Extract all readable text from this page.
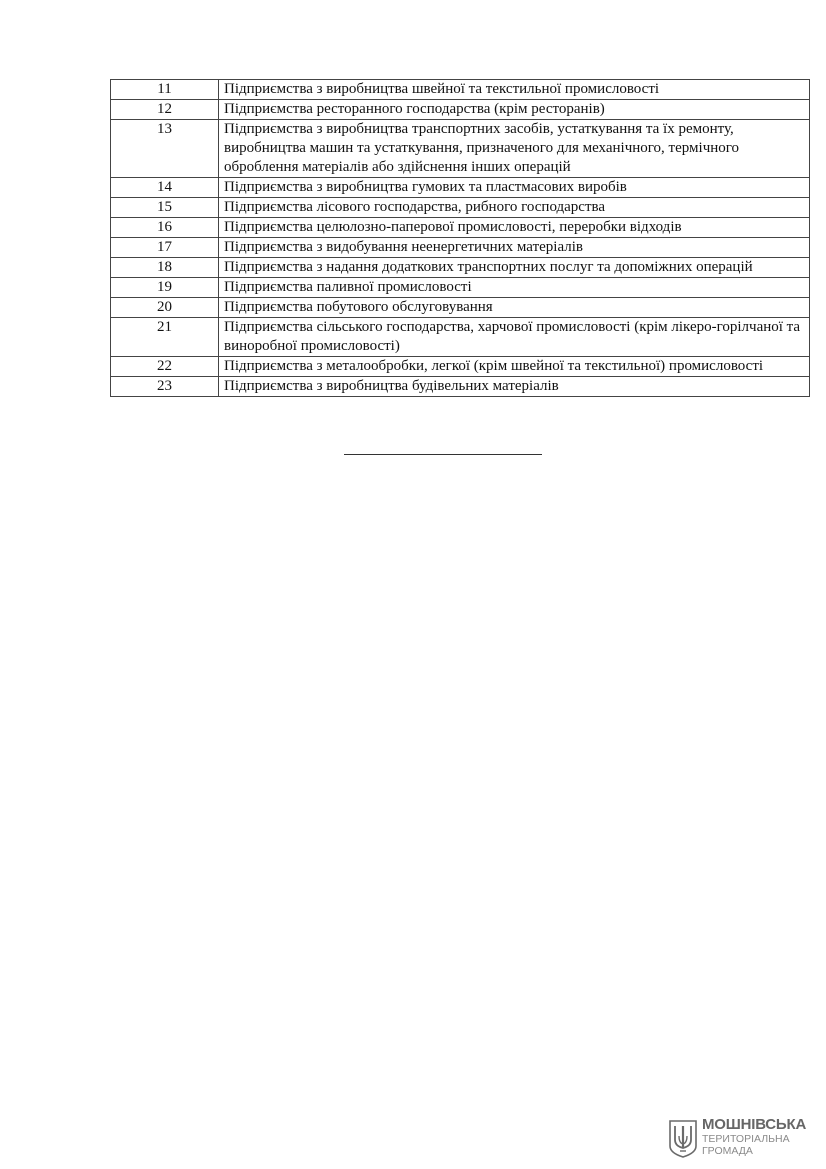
11	Підприємства з виробництва швейної та текстильної промисловості
12	Підприємства ресторанного господарства (крім ресторанів)
13	Підприємства з виробництва транспортних засобів, устаткування та їх ремонту, виробництва машин та устаткування, призначеного для механічного, термічного оброблення матеріалів або здійснення інших операцій
14	Підприємства з виробництва гумових та пластмасових виробів
15	Підприємства лісового господарства, рибного господарства
16	Підприємства целюлозно-паперової промисловості, переробки відходів
17	Підприємства з видобування неенергетичних матеріалів
18	Підприємства з надання додаткових транспортних послуг та допоміжних операцій
19	Підприємства паливної промисловості
20	Підприємства побутового обслуговування
21	Підприємства сільського господарства, харчової промисловості (крім лікеро-горілчаної та виноробної промисловості)
22	Підприємства з металообробки, легкої (крім швейної та текстильної) промисловості
23	Підприємства з виробництва будівельних матеріалів
МОШНІВСЬКА
ТЕРИТОРІАЛЬНА
ГРОМАДА
